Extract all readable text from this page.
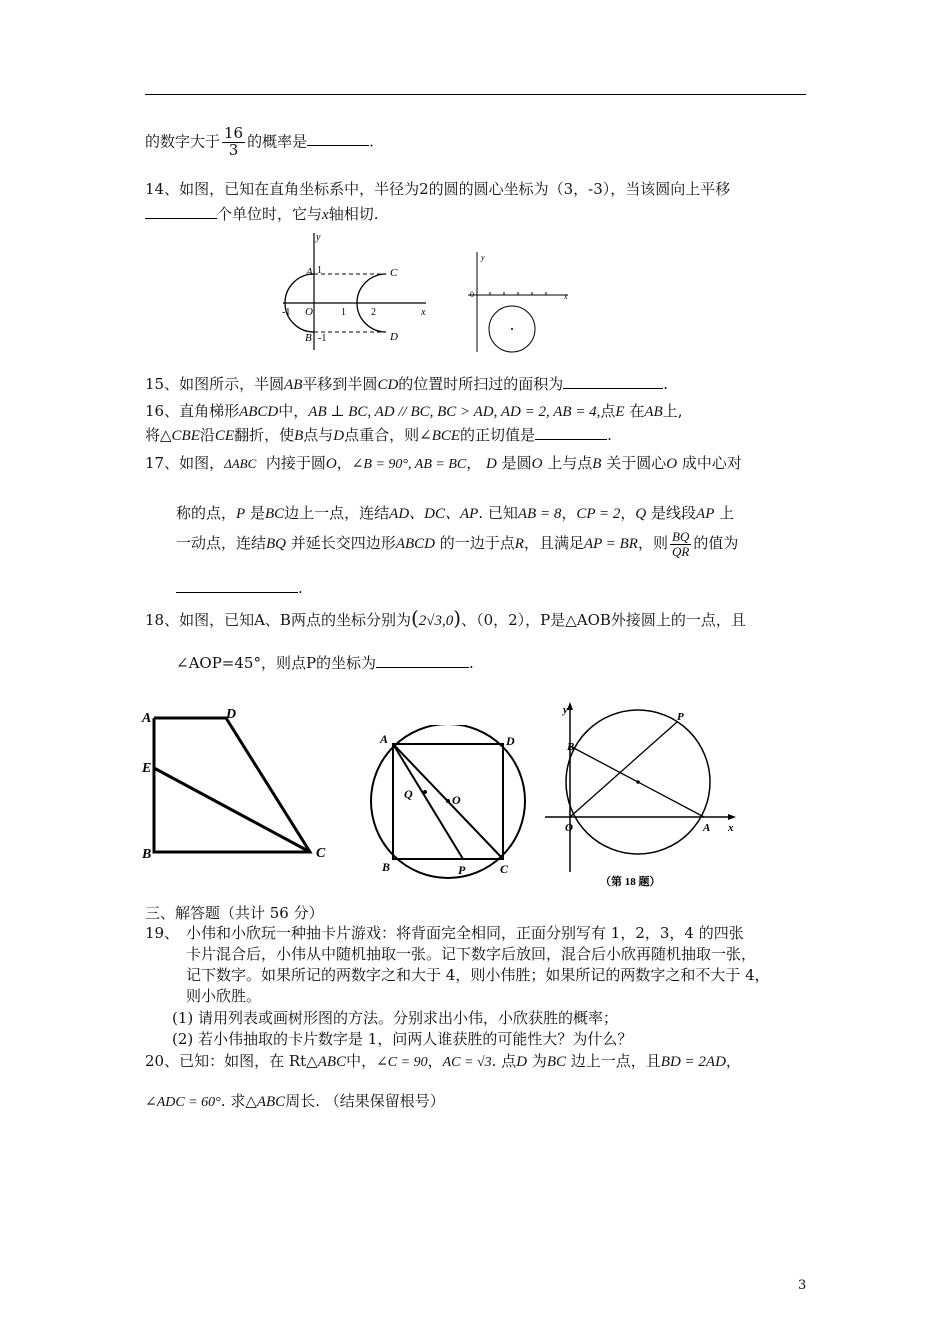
的数字大于 $\frac{16}{3}$ 的概率是	.
14、如图，已知在直角坐标系中，半径为2的圆的圆心坐标为（3，-3），当该圆向上平移
个单位时，它与x轴相切.
y
x
A 1	C
-1 O	1	2
B -1	D
y
x
0
15、如图所示，半圆AB平移到半圆CD的位置时所扫过的面积为	.
16、直角梯形ABCD中，AB ⊥ BC, AD // BC, BC > AD, AD = 2, AB = 4,点E 在AB上,
将△CBE沿CE翻折，使B点与D点重合，则∠BCE的正切值是	.
17、如图，ΔABC 内接于圆O，∠B = 90°, AB = BC， D 是圆O 上与点B 关于圆心O 成中心对
称的点，P 是BC边上一点，连结AD、DC、AP. 已知AB = 8，CP = 2，Q 是线段AP 上
一动点，连结BQ 并延长交四边形ABCD 的一边于点R，且满足AP = BR，则 $\frac{BQ}{QR}$ 的值为
.
18、如图，已知A、B两点的坐标分别为(2√3,0)、（0，2），P是△AOB外接圆上的一点，且
∠AOP=45°，则点P的坐标为	.
A	D
E
B	C
A	D
Q	O
B	P	C
y
P
B
O	A x
（第 18 题）
三、解答题（共计 56 分）
19、 小伟和小欣玩一种抽卡片游戏：将背面完全相同，正面分别写有 1，2，3，4 的四张
卡片混合后，小伟从中随机抽取一张。记下数字后放回，混合后小欣再随机抽取一张，
记下数字。如果所记的两数字之和大于 4，则小伟胜；如果所记的两数字之和不大于 4，
则小欣胜。
(1) 请用列表或画树形图的方法。分别求出小伟，小欣获胜的概率；
(2) 若小伟抽取的卡片数字是 1，问两人谁获胜的可能性大？为什么？
20、已知：如图，在 Rt△ABC中，∠C = 90，AC = √3. 点D 为BC 边上一点，且BD = 2AD，
∠ADC = 60°. 求△ABC周长. （结果保留根号）
3
